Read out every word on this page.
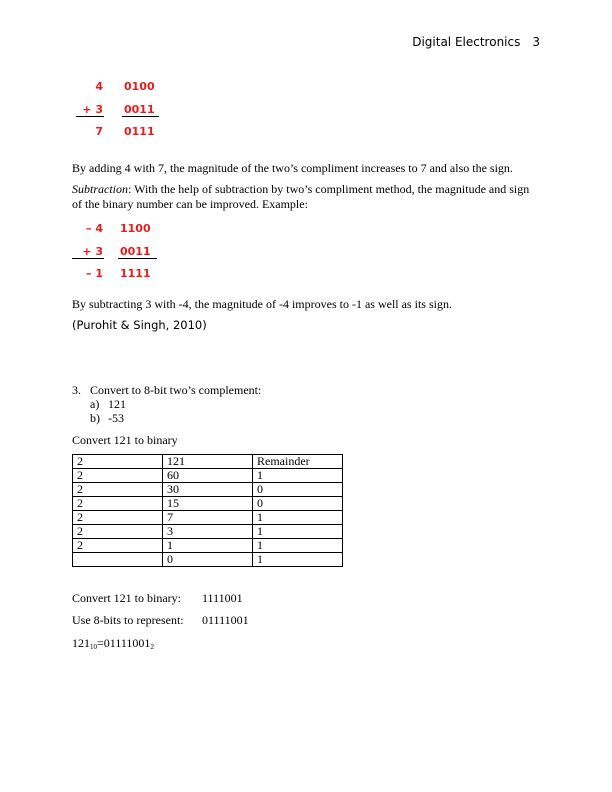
Digital Electronics 3
4 0100
+ 3 0011
7 0111
By adding 4 with 7, the magnitude of the two’s compliment increases to 7 and also the sign.
Subtraction: With the help of subtraction by two’s compliment method, the magnitude and sign of the binary number can be improved. Example:
– 4 1100
+ 3 0011
– 1 1111
By subtracting 3 with -4, the magnitude of -4 improves to -1 as well as its sign.
(Purohit & Singh, 2010)
3. Convert to 8-bit two’s complement:
a) 121
b) -53
Convert 121 to binary
2	121	Remainder
2	60	1
2	30	0
2	15	0
2	7	1
2	3	1
2	1	1
	0	1
Convert 121 to binary: 1111001
Use 8-bits to represent: 01111001
$121_{10}=01111001_2$
